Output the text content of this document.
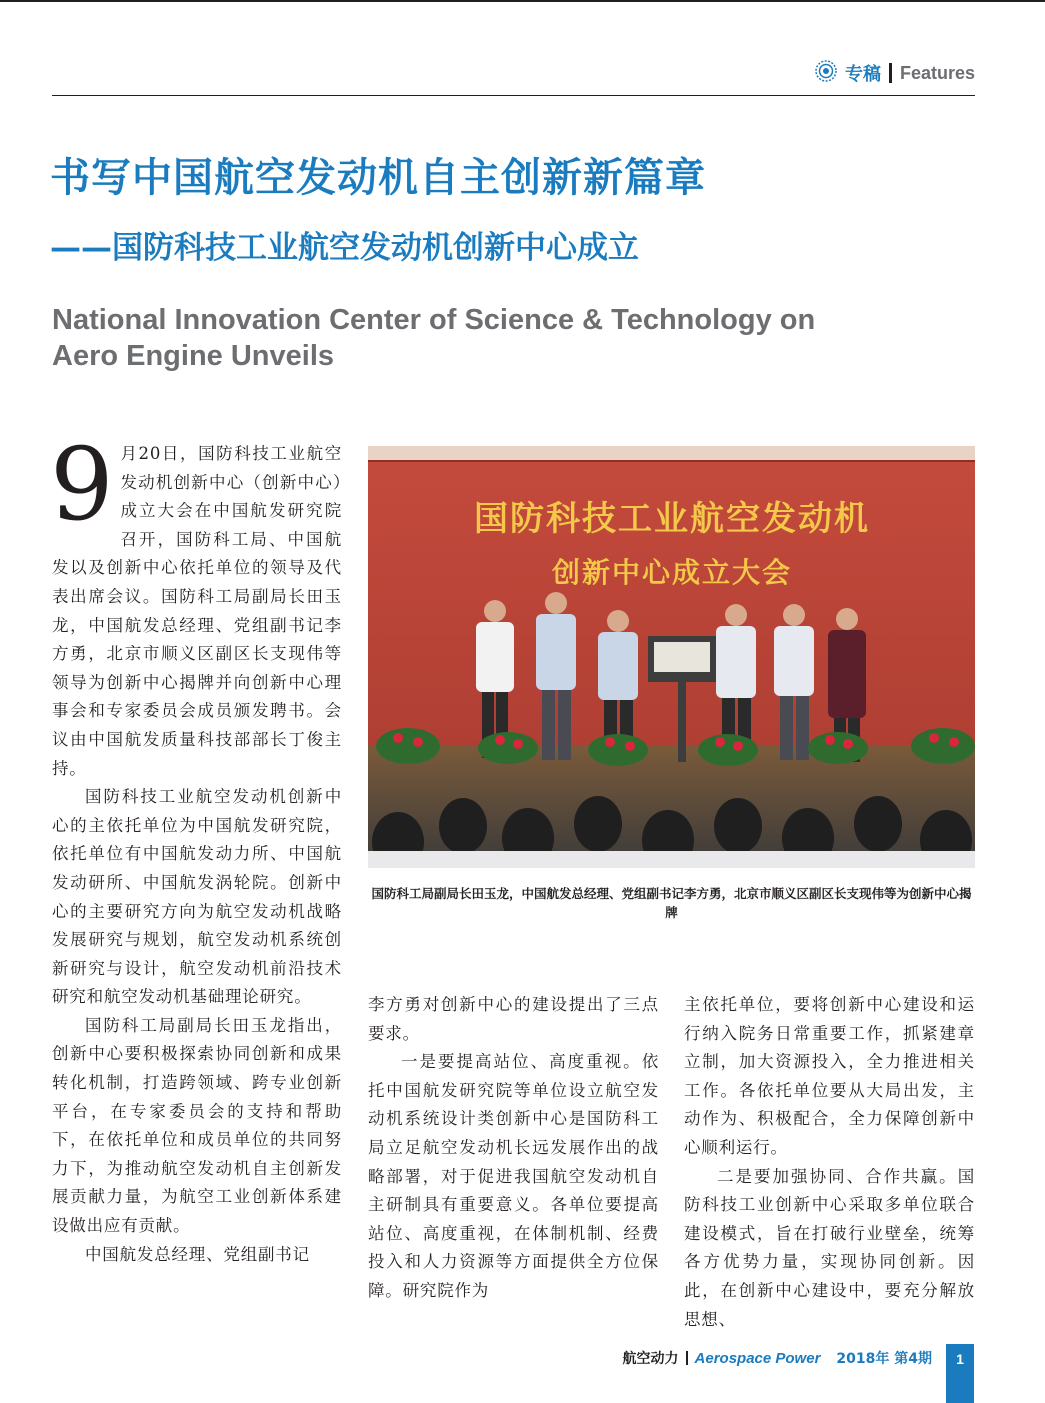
专稿 Features
书写中国航空发动机自主创新新篇章
——国防科技工业航空发动机创新中心成立
National Innovation Center of Science & Technology on Aero Engine Unveils

9 月20日，国防科技工业航空发动机创新中心（创新中心）成立大会在中国航发研究院召开，国防科工局、中国航发以及创新中心依托单位的领导及代表出席会议。国防科工局副局长田玉龙，中国航发总经理、党组副书记李方勇，北京市顺义区副区长支现伟等领导为创新中心揭牌并向创新中心理事会和专家委员会成员颁发聘书。会议由中国航发质量科技部部长丁俊主持。

国防科技工业航空发动机创新中心的主依托单位为中国航发研究院，依托单位有中国航发动力所、中国航发动研所、中国航发涡轮院。创新中心的主要研究方向为航空发动机战略发展研究与规划，航空发动机系统创新研究与设计，航空发动机前沿技术研究和航空发动机基础理论研究。

国防科工局副局长田玉龙指出，创新中心要积极探索协同创新和成果转化机制，打造跨领域、跨专业创新平台，在专家委员会的支持和帮助下，在依托单位和成员单位的共同努力下，为推动航空发动机自主创新发展贡献力量，为航空工业创新体系建设做出应有贡献。

中国航发总经理、党组副书记

国防科技工业航空发动机
创新中心成立大会

国防科工局副局长田玉龙，中国航发总经理、党组副书记李方勇，北京市顺义区副区长支现伟等为创新中心揭牌

李方勇对创新中心的建设提出了三点要求。

一是要提高站位、高度重视。依托中国航发研究院等单位设立航空发动机系统设计类创新中心是国防科工局立足航空发动机长远发展作出的战略部署，对于促进我国航空发动机自主研制具有重要意义。各单位要提高站位、高度重视，在体制机制、经费投入和人力资源等方面提供全方位保障。研究院作为

主依托单位，要将创新中心建设和运行纳入院务日常重要工作，抓紧建章立制，加大资源投入，全力推进相关工作。各依托单位要从大局出发，主动作为、积极配合，全力保障创新中心顺利运行。

二是要加强协同、合作共赢。国防科技工业创新中心采取多单位联合建设模式，旨在打破行业壁垒，统筹各方优势力量，实现协同创新。因此，在创新中心建设中，要充分解放思想、

航空动力 Aerospace Power 2018年 第4期	1
